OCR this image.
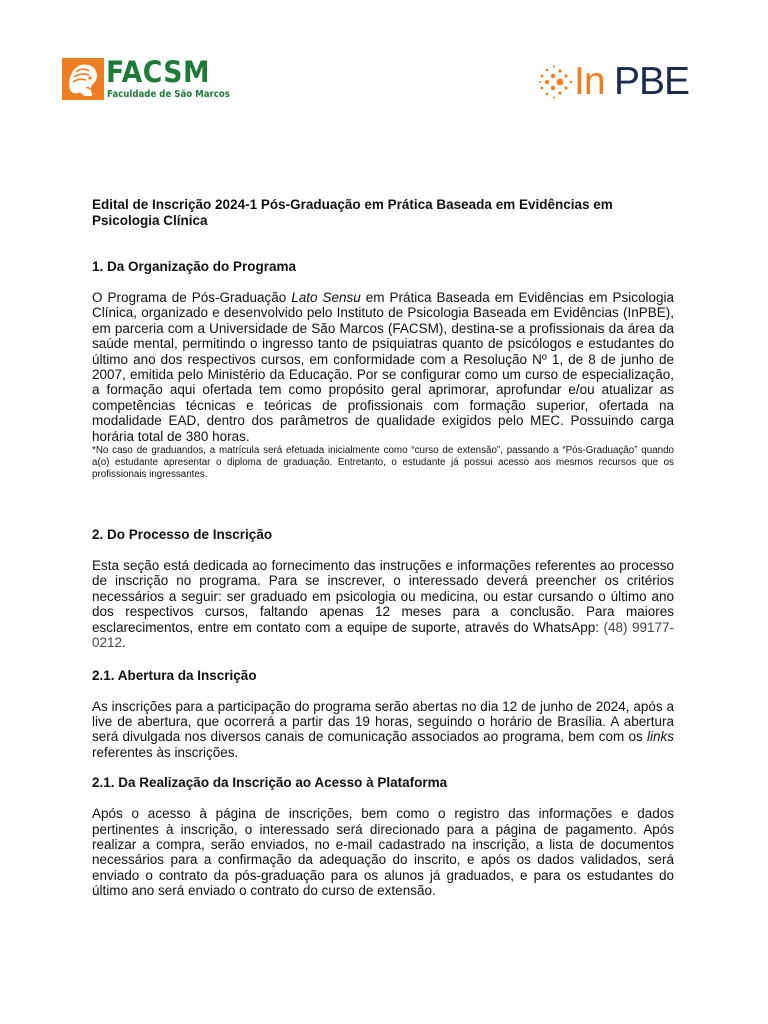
FACSM
Faculdade de São Marcos	In PBE

Edital de Inscrição 2024-1 Pós-Graduação em Prática Baseada em Evidências em Psicologia Clínica

1. Da Organização do Programa

O Programa de Pós-Graduação Lato Sensu em Prática Baseada em Evidências em Psicologia Clínica, organizado e desenvolvido pelo Instituto de Psicologia Baseada em Evidências (InPBE), em parceria com a Universidade de São Marcos (FACSM), destina-se a profissionais da área da saúde mental, permitindo o ingresso tanto de psiquiatras quanto de psicólogos e estudantes do último ano dos respectivos cursos, em conformidade com a Resolução Nº 1, de 8 de junho de 2007, emitida pelo Ministério da Educação. Por se configurar como um curso de especialização, a formação aqui ofertada tem como propósito geral aprimorar, aprofundar e/ou atualizar as competências técnicas e teóricas de profissionais com formação superior, ofertada na modalidade EAD, dentro dos parâmetros de qualidade exigidos pelo MEC. Possuindo carga horária total de 380 horas.

*No caso de graduandos, a matrícula será efetuada inicialmente como “curso de extensão”, passando a “Pós-Graduação” quando a(o) estudante apresentar o diploma de graduação. Entretanto, o estudante já possui acesso aos mesmos recursos que os profissionais ingressantes.

2. Do Processo de Inscrição

Esta seção está dedicada ao fornecimento das instruções e informações referentes ao processo de inscrição no programa. Para se inscrever, o interessado deverá preencher os critérios necessários a seguir: ser graduado em psicologia ou medicina, ou estar cursando o último ano dos respectivos cursos, faltando apenas 12 meses para a conclusão. Para maiores esclarecimentos, entre em contato com a equipe de suporte, através do WhatsApp: (48) 99177-0212.

2.1. Abertura da Inscrição

As inscrições para a participação do programa serão abertas no dia 12 de junho de 2024, após a live de abertura, que ocorrerá a partir das 19 horas, seguindo o horário de Brasília. A abertura será divulgada nos diversos canais de comunicação associados ao programa, bem com os links referentes às inscrições.

2.1. Da Realização da Inscrição ao Acesso à Plataforma

Após o acesso à página de inscrições, bem como o registro das informações e dados pertinentes à inscrição, o interessado será direcionado para a página de pagamento. Após realizar a compra, serão enviados, no e-mail cadastrado na inscrição, a lista de documentos necessários para a confirmação da adequação do inscrito, e após os dados validados, será enviado o contrato da pós-graduação para os alunos já graduados, e para os estudantes do último ano será enviado o contrato do curso de extensão.
